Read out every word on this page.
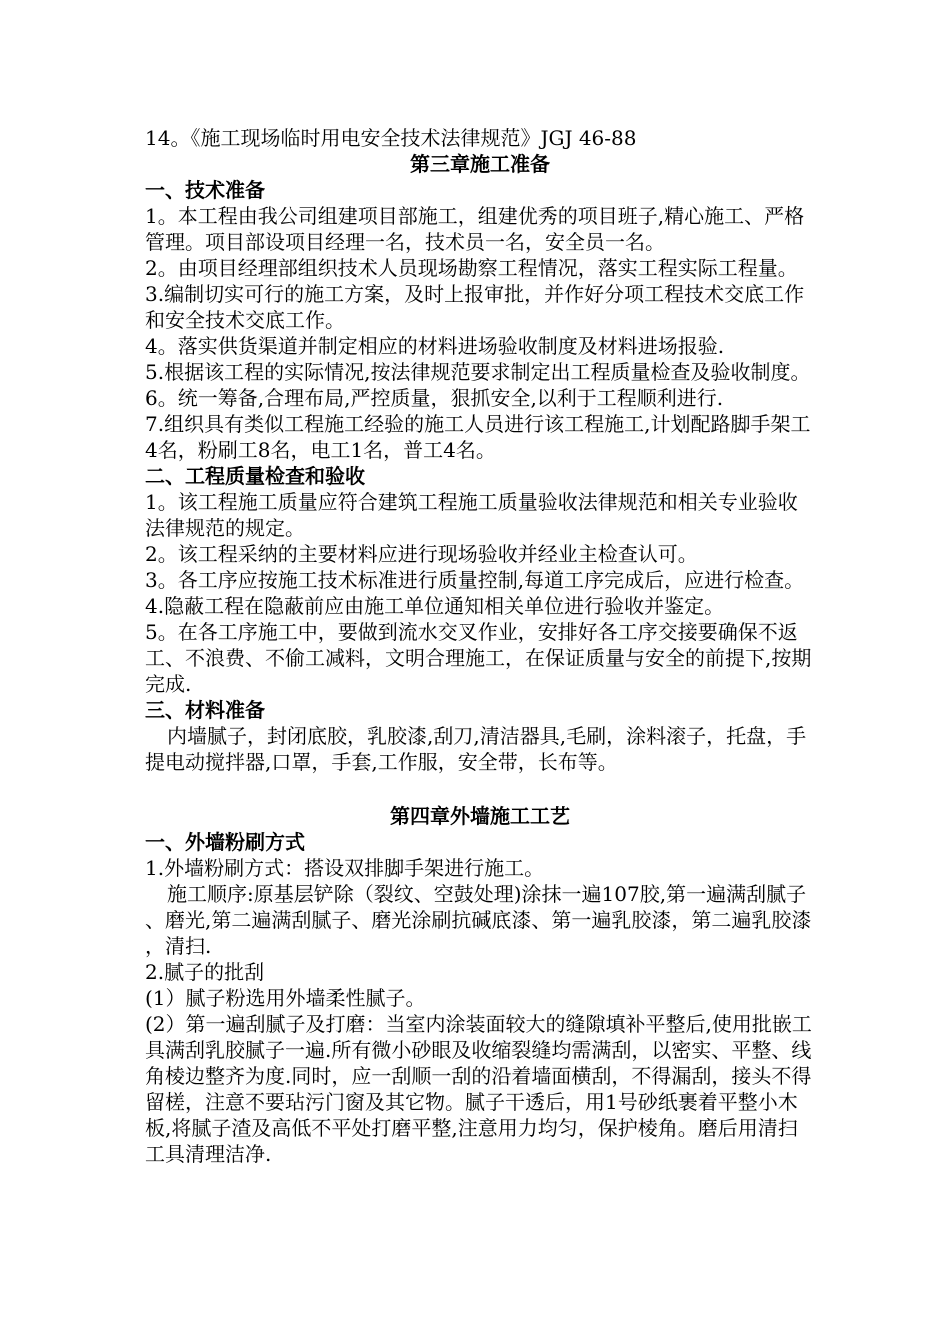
14。《施工现场临时用电安全技术法律规范》JGJ 46-88

第三章施工准备

一、技术准备

1。本工程由我公司组建项目部施工，组建优秀的项目班子,精心施工、严格管理。项目部设项目经理一名，技术员一名，安全员一名。

2。由项目经理部组织技术人员现场勘察工程情况，落实工程实际工程量。

3.编制切实可行的施工方案，及时上报审批，并作好分项工程技术交底工作和安全技术交底工作。

4。落实供货渠道并制定相应的材料进场验收制度及材料进场报验.

5.根据该工程的实际情况,按法律规范要求制定出工程质量检查及验收制度。

6。统一筹备,合理布局,严控质量，狠抓安全,以利于工程顺利进行.

7.组织具有类似工程施工经验的施工人员进行该工程施工,计划配路脚手架工4名，粉刷工8名，电工1名，普工4名。

二、工程质量检查和验收

1。该工程施工质量应符合建筑工程施工质量验收法律规范和相关专业验收法律规范的规定。

2。该工程采纳的主要材料应进行现场验收并经业主检查认可。

3。各工序应按施工技术标准进行质量控制,每道工序完成后，应进行检查。

4.隐蔽工程在隐蔽前应由施工单位通知相关单位进行验收并鉴定。

5。在各工序施工中，要做到流水交叉作业，安排好各工序交接要确保不返工、不浪费、不偷工减料，文明合理施工，在保证质量与安全的前提下,按期完成.

三、材料准备

内墙腻子，封闭底胶，乳胶漆,刮刀,清洁器具,毛刷，涂料滚子，托盘，手提电动搅拌器,口罩，手套,工作服，安全带，长布等。

第四章外墙施工工艺

一、外墙粉刷方式

1.外墙粉刷方式：搭设双排脚手架进行施工。

施工顺序:原基层铲除（裂纹、空鼓处理)涂抹一遍107胶,第一遍满刮腻子、磨光,第二遍满刮腻子、磨光涂刷抗碱底漆、第一遍乳胶漆，第二遍乳胶漆，清扫.

2.腻子的批刮

(1）腻子粉选用外墙柔性腻子。

(2）第一遍刮腻子及打磨：当室内涂装面较大的缝隙填补平整后,使用批嵌工具满刮乳胶腻子一遍.所有微小砂眼及收缩裂缝均需满刮，以密实、平整、线角棱边整齐为度.同时，应一刮顺一刮的沿着墙面横刮，不得漏刮，接头不得留槎，注意不要玷污门窗及其它物。腻子干透后，用1号砂纸裹着平整小木板,将腻子渣及高低不平处打磨平整,注意用力均匀，保护棱角。磨后用清扫工具清理洁净.
